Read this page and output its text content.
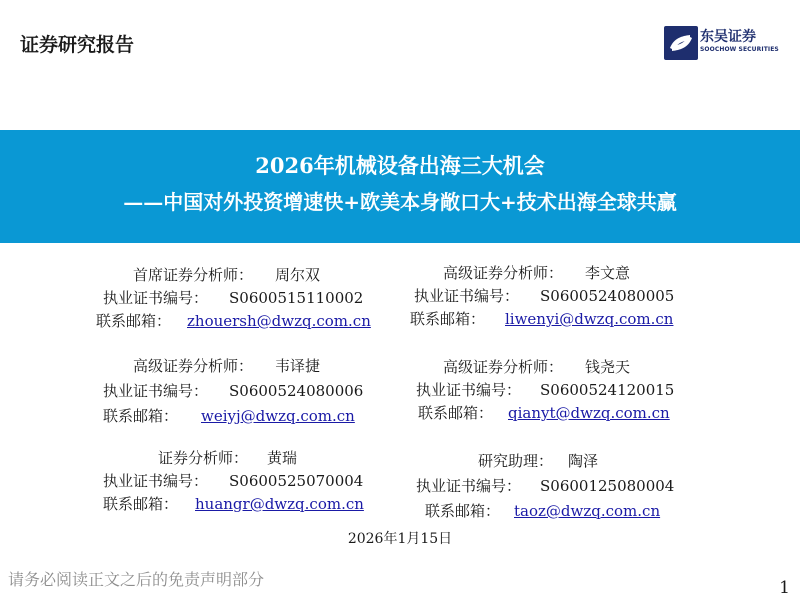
证券研究报告	东吴证券
SOOCHOW SECURITIES
2026年机械设备出海三大机会
——中国对外投资增速快+欧美本身敞口大+技术出海全球共赢
首席证券分析师： 周尔双
执业证书编号： S0600515110002
联系邮箱： zhouersh@dwzq.com.cn
高级证券分析师： 韦译捷
执业证书编号： S0600524080006
联系邮箱： weiyj@dwzq.com.cn
证券分析师： 黄瑞
执业证书编号： S0600525070004
联系邮箱： huangr@dwzq.com.cn
高级证券分析师： 李文意
执业证书编号： S0600524080005
联系邮箱： liwenyi@dwzq.com.cn
高级证券分析师： 钱尧天
执业证书编号： S0600524120015
联系邮箱： qianyt@dwzq.com.cn
研究助理： 陶泽
执业证书编号： S0600125080004
联系邮箱： taoz@dwzq.com.cn
2026年1月15日
请务必阅读正文之后的免责声明部分	1
